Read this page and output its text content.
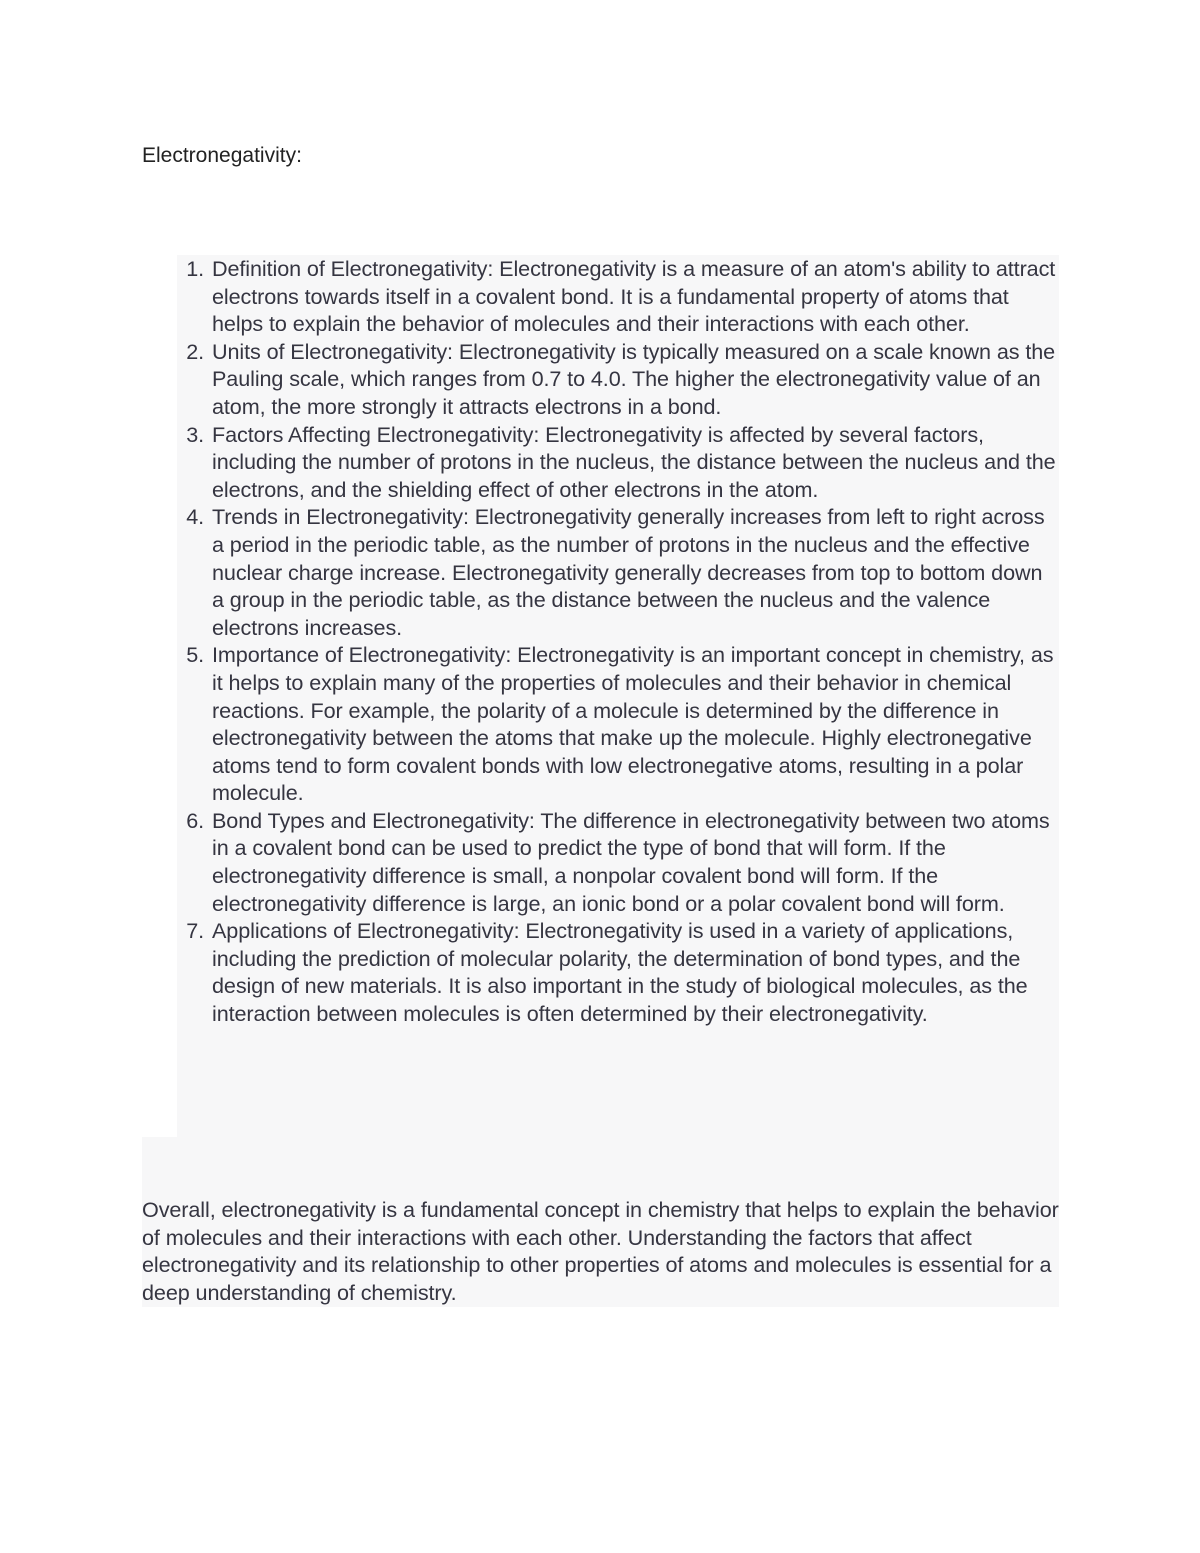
Electronegativity:
1. Definition of Electronegativity: Electronegativity is a measure of an atom's ability to attract electrons towards itself in a covalent bond. It is a fundamental property of atoms that helps to explain the behavior of molecules and their interactions with each other.
2. Units of Electronegativity: Electronegativity is typically measured on a scale known as the Pauling scale, which ranges from 0.7 to 4.0. The higher the electronegativity value of an atom, the more strongly it attracts electrons in a bond.
3. Factors Affecting Electronegativity: Electronegativity is affected by several factors, including the number of protons in the nucleus, the distance between the nucleus and the electrons, and the shielding effect of other electrons in the atom.
4. Trends in Electronegativity: Electronegativity generally increases from left to right across a period in the periodic table, as the number of protons in the nucleus and the effective nuclear charge increase. Electronegativity generally decreases from top to bottom down a group in the periodic table, as the distance between the nucleus and the valence electrons increases.
5. Importance of Electronegativity: Electronegativity is an important concept in chemistry, as it helps to explain many of the properties of molecules and their behavior in chemical reactions. For example, the polarity of a molecule is determined by the difference in electronegativity between the atoms that make up the molecule. Highly electronegative atoms tend to form covalent bonds with low electronegative atoms, resulting in a polar molecule.
6. Bond Types and Electronegativity: The difference in electronegativity between two atoms in a covalent bond can be used to predict the type of bond that will form. If the electronegativity difference is small, a nonpolar covalent bond will form. If the electronegativity difference is large, an ionic bond or a polar covalent bond will form.
7. Applications of Electronegativity: Electronegativity is used in a variety of applications, including the prediction of molecular polarity, the determination of bond types, and the design of new materials. It is also important in the study of biological molecules, as the interaction between molecules is often determined by their electronegativity.

Overall, electronegativity is a fundamental concept in chemistry that helps to explain the behavior of molecules and their interactions with each other. Understanding the factors that affect electronegativity and its relationship to other properties of atoms and molecules is essential for a deep understanding of chemistry.
